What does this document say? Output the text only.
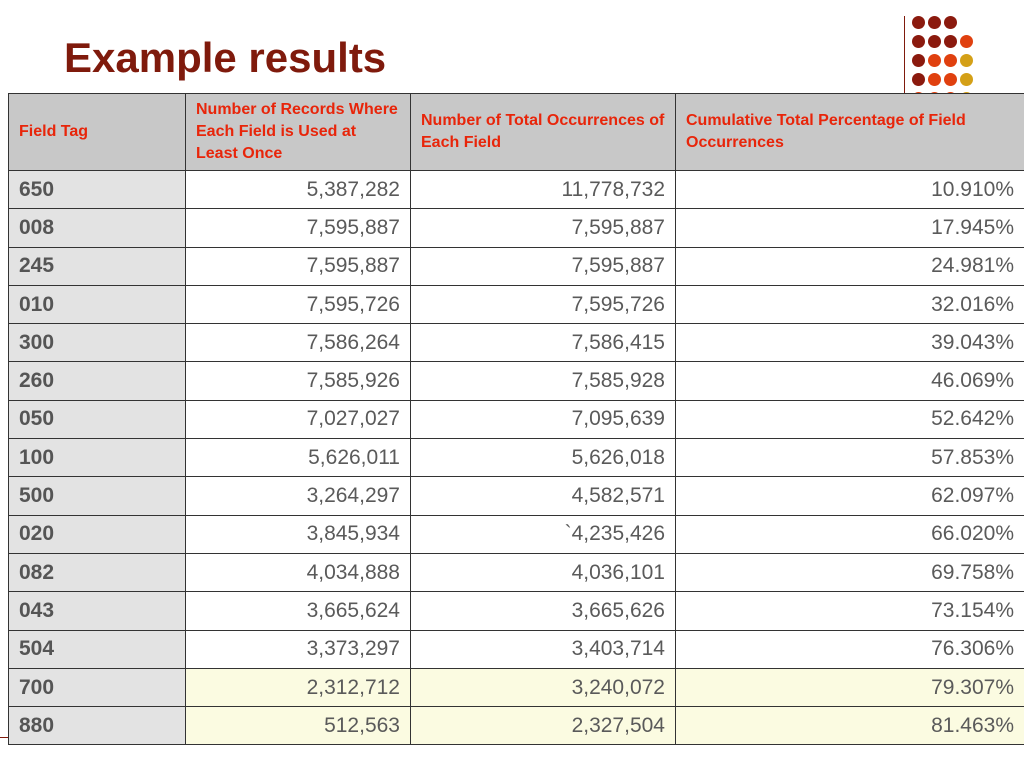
Example results
Field Tag	Number of Records Where Each Field is Used at Least Once	Number of Total Occurrences of Each Field	Cumulative Total Percentage of Field Occurrences
650	5,387,282	11,778,732	10.910%
008	7,595,887	7,595,887	17.945%
245	7,595,887	7,595,887	24.981%
010	7,595,726	7,595,726	32.016%
300	7,586,264	7,586,415	39.043%
260	7,585,926	7,585,928	46.069%
050	7,027,027	7,095,639	52.642%
100	5,626,011	5,626,018	57.853%
500	3,264,297	4,582,571	62.097%
020	3,845,934	`4,235,426	66.020%
082	4,034,888	4,036,101	69.758%
043	3,665,624	3,665,626	73.154%
504	3,373,297	3,403,714	76.306%
700	2,312,712	3,240,072	79.307%
880	512,563	2,327,504	81.463%
